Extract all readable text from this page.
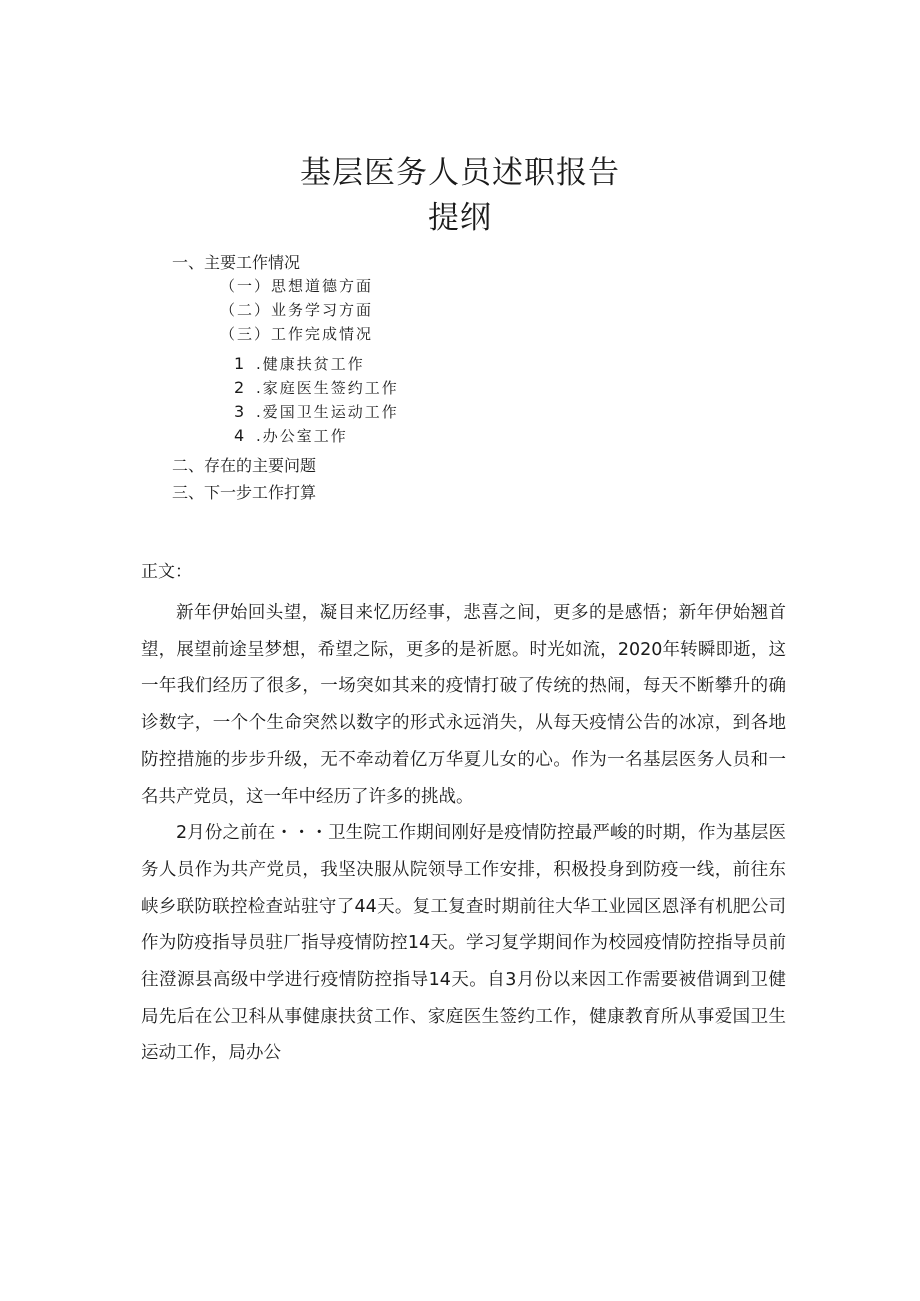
基层医务人员述职报告
提纲
一、主要工作情况
（一）思想道德方面
（二）业务学习方面
（三）工作完成情况
1 .健康扶贫工作
2 .家庭医生签约工作
3 .爱国卫生运动工作
4 .办公室工作
二、存在的主要问题
三、下一步工作打算
正文：

新年伊始回头望，凝目来忆历经事，悲喜之间，更多的是感悟；新年伊始翘首望，展望前途呈梦想，希望之际，更多的是祈愿。时光如流，2020年转瞬即逝，这一年我们经历了很多，一场突如其来的疫情打破了传统的热闹，每天不断攀升的确诊数字，一个个生命突然以数字的形式永远消失，从每天疫情公告的冰凉，到各地防控措施的步步升级，无不牵动着亿万华夏儿女的心。作为一名基层医务人员和一名共产党员，这一年中经历了许多的挑战。

2月份之前在・・・卫生院工作期间刚好是疫情防控最严峻的时期，作为基层医务人员作为共产党员，我坚决服从院领导工作安排，积极投身到防疫一线，前往东峡乡联防联控检查站驻守了44天。复工复查时期前往大华工业园区恩泽有机肥公司作为防疫指导员驻厂指导疫情防控14天。学习复学期间作为校园疫情防控指导员前往澄源县高级中学进行疫情防控指导14天。自3月份以来因工作需要被借调到卫健局先后在公卫科从事健康扶贫工作、家庭医生签约工作，健康教育所从事爱国卫生运动工作，局办公
